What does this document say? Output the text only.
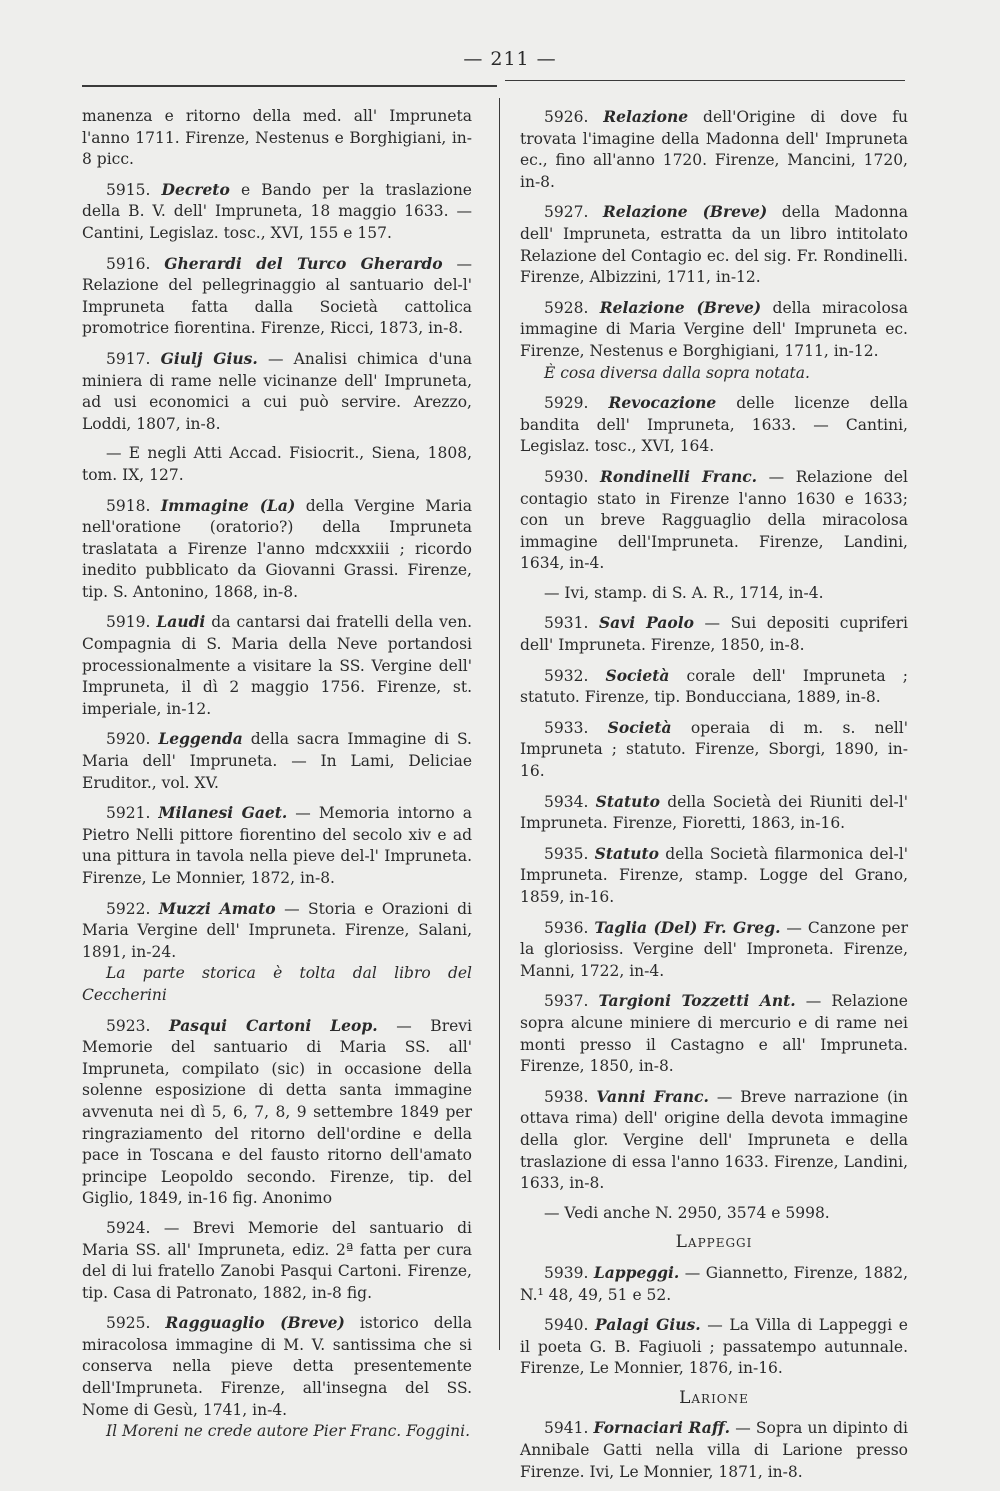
— 211 —
manenza e ritorno della med. all' Impruneta l'anno 1711. Firenze, Nestenus e Borghigiani, in-8 picc.
5915. Decreto e Bando per la traslazione della B. V. dell' Impruneta, 18 maggio 1633. — Cantini, Legislaz. tosc., XVI, 155 e 157.
5916. Gherardi del Turco Gherardo — Relazione del pellegrinaggio al santuario del-l' Impruneta fatta dalla Società cattolica promotrice fiorentina. Firenze, Ricci, 1873, in-8.
5917. Giulj Gius. — Analisi chimica d'una miniera di rame nelle vicinanze dell' Impruneta, ad usi economici a cui può servire. Arezzo, Loddi, 1807, in-8.
— E negli Atti Accad. Fisiocrit., Siena, 1808, tom. IX, 127.
5918. Immagine (La) della Vergine Maria nell'oratione (oratorio?) della Impruneta traslatata a Firenze l'anno mdcxxxiii ; ricordo inedito pubblicato da Giovanni Grassi. Firenze, tip. S. Antonino, 1868, in-8.
5919. Laudi da cantarsi dai fratelli della ven. Compagnia di S. Maria della Neve portandosi processionalmente a visitare la SS. Vergine dell' Impruneta, il dì 2 maggio 1756. Firenze, st. imperiale, in-12.
5920. Leggenda della sacra Immagine di S. Maria dell' Impruneta. — In Lami, Deliciae Eruditor., vol. XV.
5921. Milanesi Gaet. — Memoria intorno a Pietro Nelli pittore fiorentino del secolo xiv e ad una pittura in tavola nella pieve del-l' Impruneta. Firenze, Le Monnier, 1872, in-8.
5922. Muzzi Amato — Storia e Orazioni di Maria Vergine dell' Impruneta. Firenze, Salani, 1891, in-24.
La parte storica è tolta dal libro del Ceccherini
5923. Pasqui Cartoni Leop. — Brevi Memorie del santuario di Maria SS. all' Impruneta, compilato (sic) in occasione della solenne esposizione di detta santa immagine avvenuta nei dì 5, 6, 7, 8, 9 settembre 1849 per ringraziamento del ritorno dell'ordine e della pace in Toscana e del fausto ritorno dell'amato principe Leopoldo secondo. Firenze, tip. del Giglio, 1849, in-16 fig. Anonimo
5924. — Brevi Memorie del santuario di Maria SS. all' Impruneta, ediz. 2ª fatta per cura del di lui fratello Zanobi Pasqui Cartoni. Firenze, tip. Casa di Patronato, 1882, in-8 fig.
5925. Ragguaglio (Breve) istorico della miracolosa immagine di M. V. santissima che si conserva nella pieve detta presentemente dell'Impruneta. Firenze, all'insegna del SS. Nome di Gesù, 1741, in-4.
Il Moreni ne crede autore Pier Franc. Foggini.
5926. Relazione dell'Origine di dove fu trovata l'imagine della Madonna dell' Impruneta ec., fino all'anno 1720. Firenze, Mancini, 1720, in-8.
5927. Relazione (Breve) della Madonna dell' Impruneta, estratta da un libro intitolato Relazione del Contagio ec. del sig. Fr. Rondinelli. Firenze, Albizzini, 1711, in-12.
5928. Relazione (Breve) della miracolosa immagine di Maria Vergine dell' Impruneta ec. Firenze, Nestenus e Borghigiani, 1711, in-12.
È cosa diversa dalla sopra notata.
5929. Revocazione delle licenze della bandita dell' Impruneta, 1633. — Cantini, Legislaz. tosc., XVI, 164.
5930. Rondinelli Franc. — Relazione del contagio stato in Firenze l'anno 1630 e 1633; con un breve Ragguaglio della miracolosa immagine dell'Impruneta. Firenze, Landini, 1634, in-4.
— Ivi, stamp. di S. A. R., 1714, in-4.
5931. Savi Paolo — Sui depositi cupriferi dell' Impruneta. Firenze, 1850, in-8.
5932. Società corale dell' Impruneta ; statuto. Firenze, tip. Bonducciana, 1889, in-8.
5933. Società operaia di m. s. nell' Impruneta ; statuto. Firenze, Sborgi, 1890, in-16.
5934. Statuto della Società dei Riuniti del-l' Impruneta. Firenze, Fioretti, 1863, in-16.
5935. Statuto della Società filarmonica del-l' Impruneta. Firenze, stamp. Logge del Grano, 1859, in-16.
5936. Taglia (Del) Fr. Greg. — Canzone per la gloriosiss. Vergine dell' Improneta. Firenze, Manni, 1722, in-4.
5937. Targioni Tozzetti Ant. — Relazione sopra alcune miniere di mercurio e di rame nei monti presso il Castagno e all' Impruneta. Firenze, 1850, in-8.
5938. Vanni Franc. — Breve narrazione (in ottava rima) dell' origine della devota immagine della glor. Vergine dell' Impruneta e della traslazione di essa l'anno 1633. Firenze, Landini, 1633, in-8.
— Vedi anche N. 2950, 3574 e 5998.
Lappeggi
5939. Lappeggi. — Giannetto, Firenze, 1882, N.¹ 48, 49, 51 e 52.
5940. Palagi Gius. — La Villa di Lappeggi e il poeta G. B. Fagiuoli ; passatempo autunnale. Firenze, Le Monnier, 1876, in-16.
Larione
5941. Fornaciari Raff. — Sopra un dipinto di Annibale Gatti nella villa di Larione presso Firenze. Ivi, Le Monnier, 1871, in-8.
